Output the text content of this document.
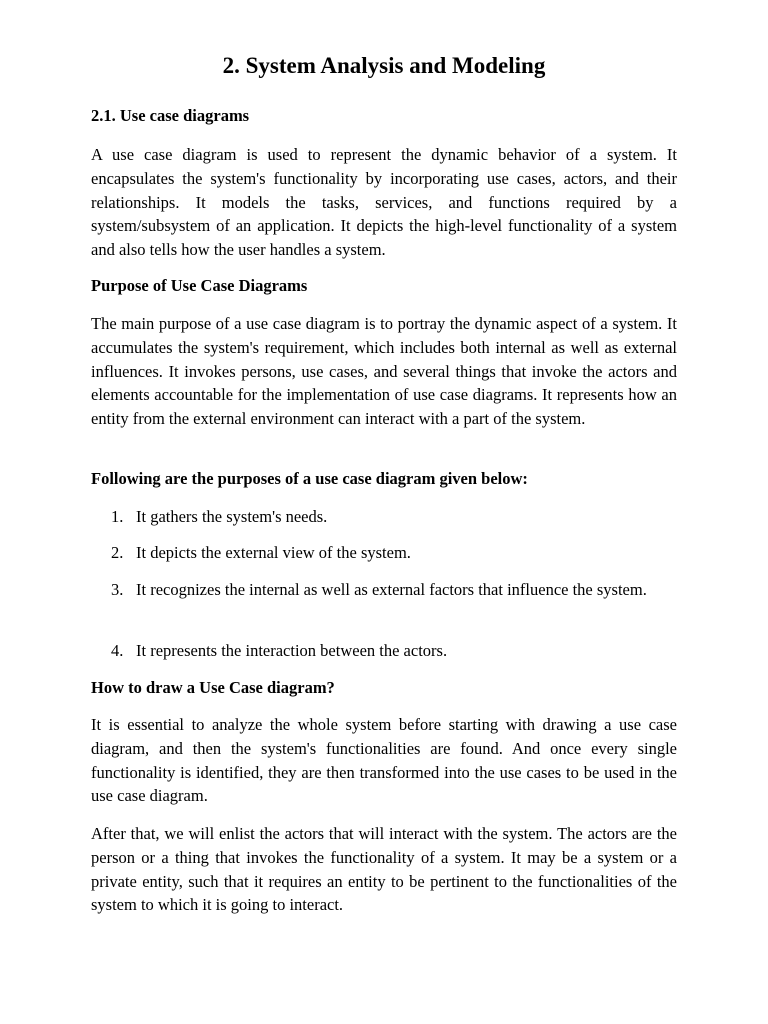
2. System Analysis and Modeling
2.1. Use case diagrams

A use case diagram is used to represent the dynamic behavior of a system. It encapsulates the system's functionality by incorporating use cases, actors, and their relationships. It models the tasks, services, and functions required by a system/subsystem of an application. It depicts the high-level functionality of a system and also tells how the user handles a system.

Purpose of Use Case Diagrams

The main purpose of a use case diagram is to portray the dynamic aspect of a system. It accumulates the system's requirement, which includes both internal as well as external influences. It invokes persons, use cases, and several things that invoke the actors and elements accountable for the implementation of use case diagrams. It represents how an entity from the external environment can interact with a part of the system.

Following are the purposes of a use case diagram given below:
1. It gathers the system's needs.
2. It depicts the external view of the system.
3. It recognizes the internal as well as external factors that influence the system.
4. It represents the interaction between the actors.
How to draw a Use Case diagram?

It is essential to analyze the whole system before starting with drawing a use case diagram, and then the system's functionalities are found. And once every single functionality is identified, they are then transformed into the use cases to be used in the use case diagram.

After that, we will enlist the actors that will interact with the system. The actors are the person or a thing that invokes the functionality of a system. It may be a system or a private entity, such that it requires an entity to be pertinent to the functionalities of the system to which it is going to interact.
